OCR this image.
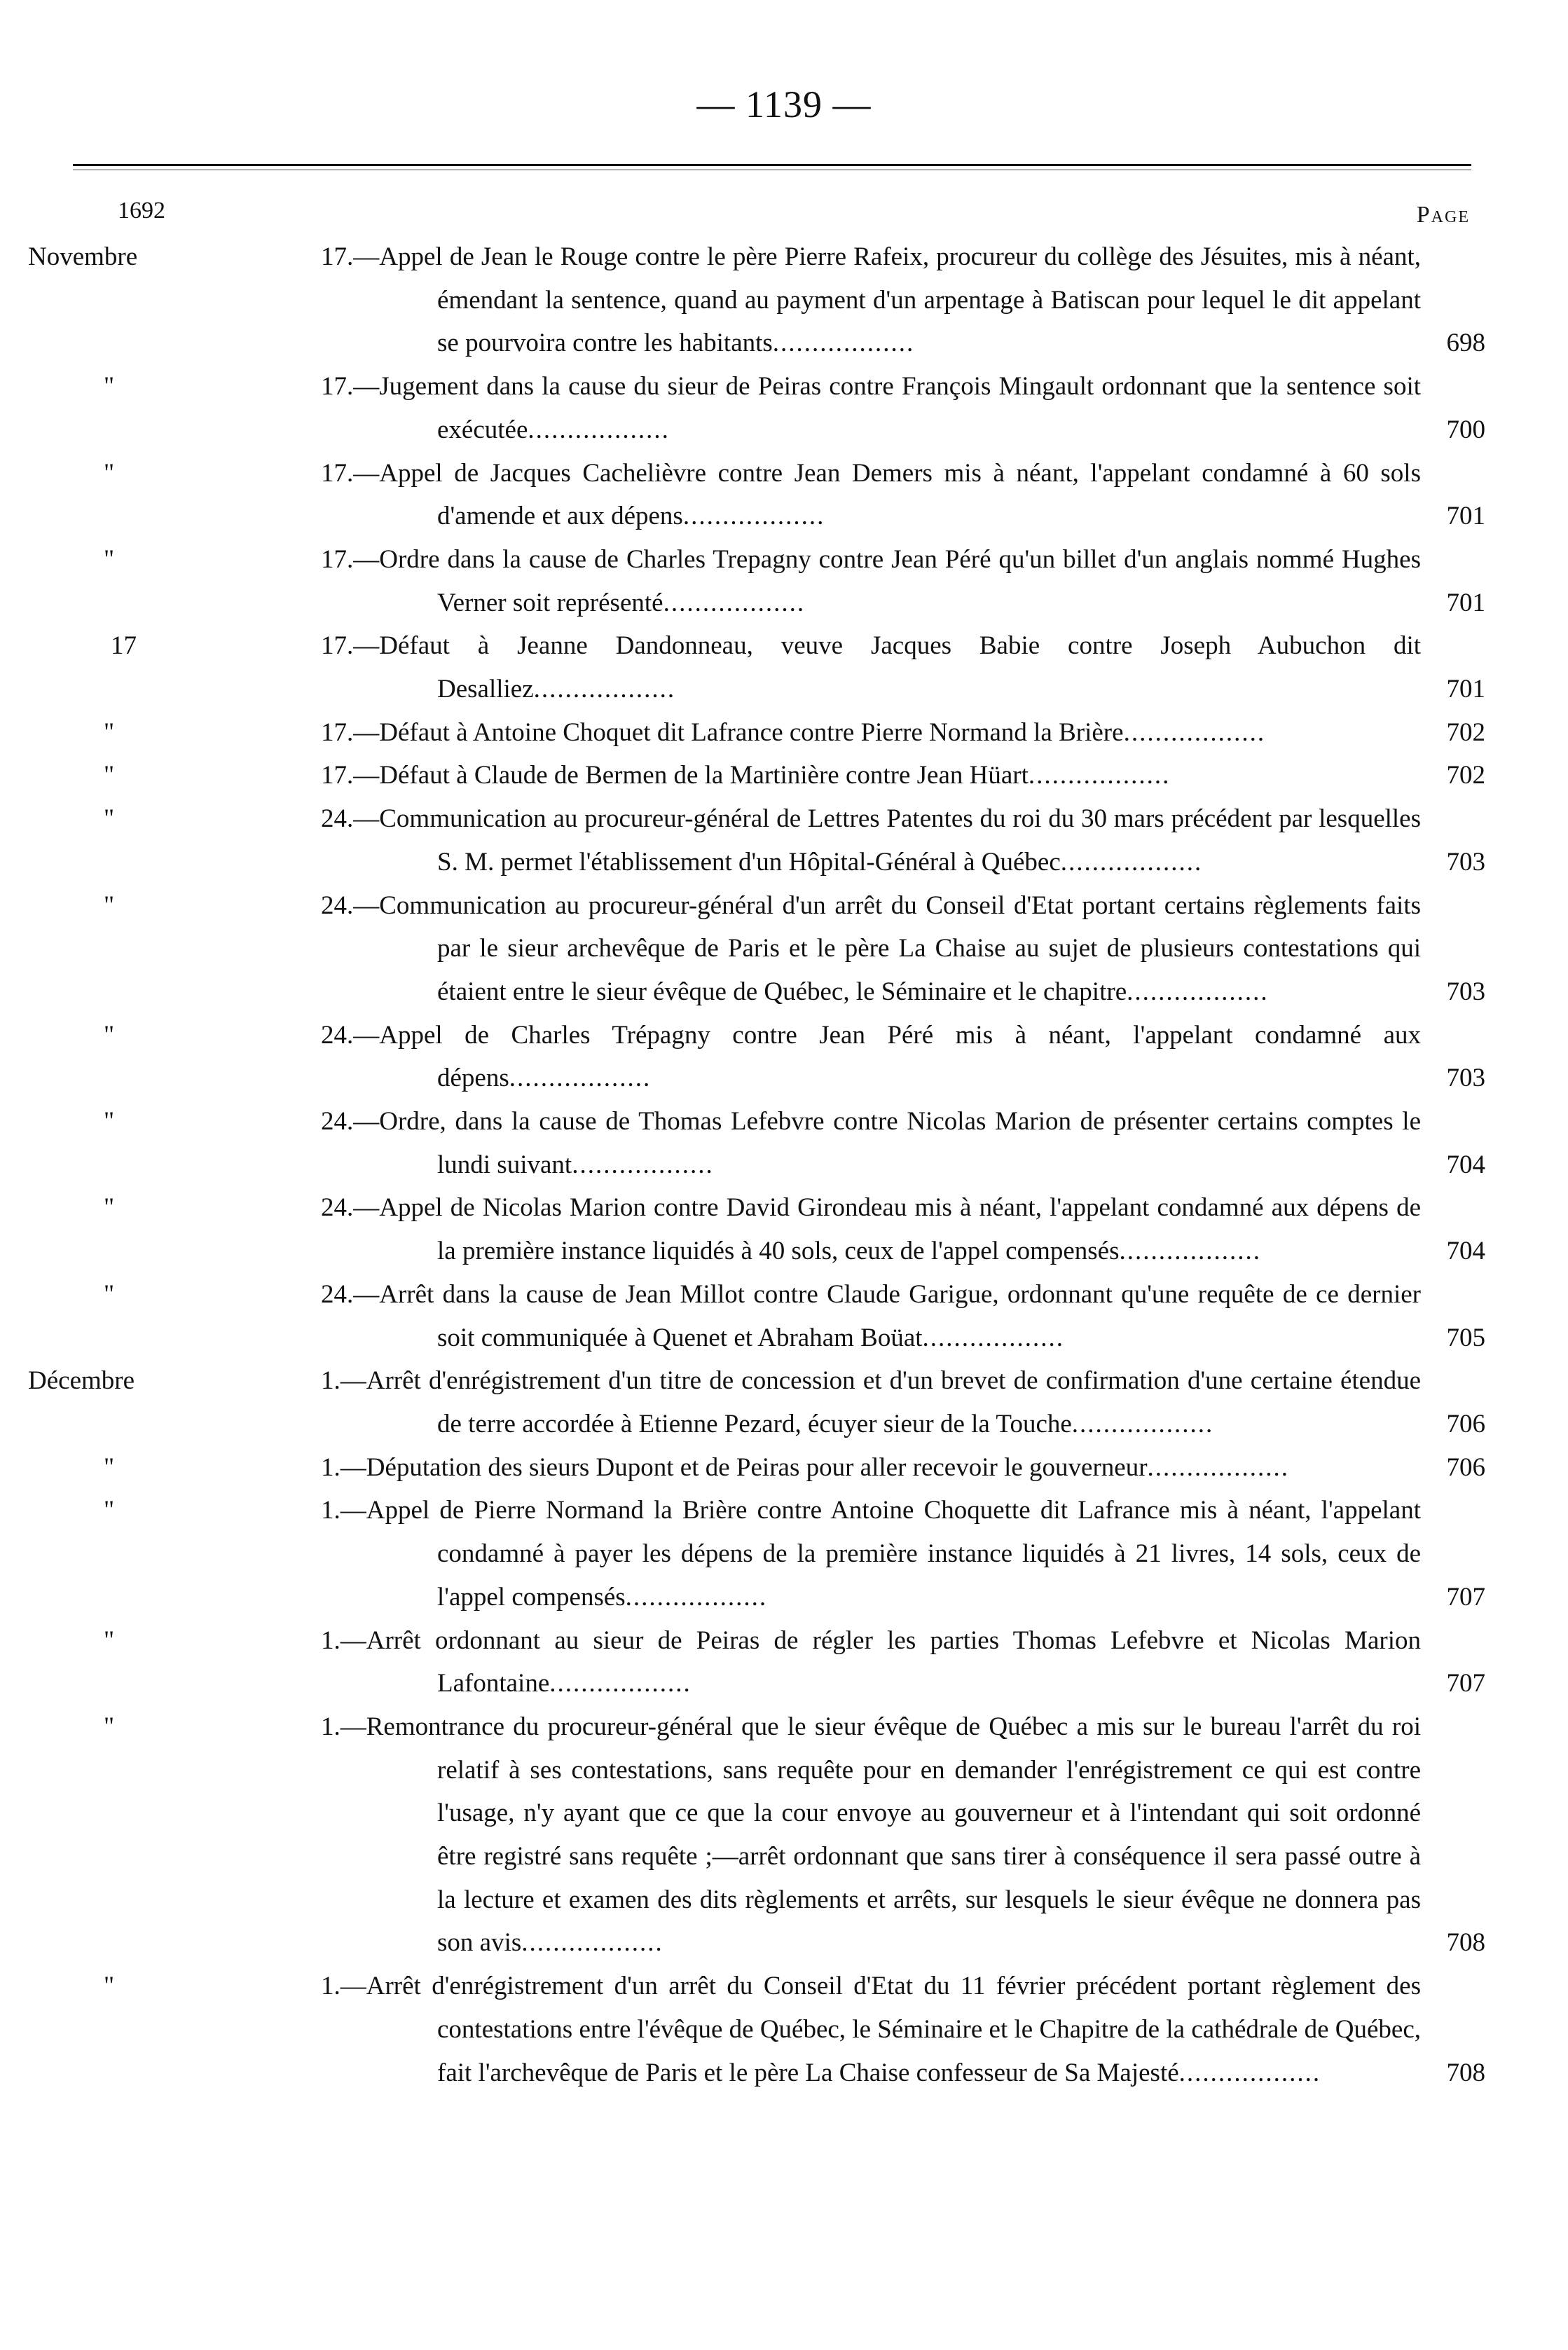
— 1139 —
1692	Page
Novembre	17.—Appel de Jean le Rouge contre le père Pierre Rafeix, procureur du collège des Jésuites, mis à néant, émendant la sentence, quand au payment d'un arpentage à Batiscan pour lequel le dit appelant se pourvoira contre les habitants..................	698
"	17.—Jugement dans la cause du sieur de Peiras contre François Mingault ordonnant que la sentence soit exécutée..................	700
"	17.—Appel de Jacques Cachelièvre contre Jean Demers mis à néant, l'appelant condamné à 60 sols d'amende et aux dépens..................	701
"	17.—Ordre dans la cause de Charles Trepagny contre Jean Péré qu'un billet d'un anglais nommé Hughes Verner soit représenté..................	701
17	17.—Défaut à Jeanne Dandonneau, veuve Jacques Babie contre Joseph Aubuchon dit Desalliez..................	701
"	17.—Défaut à Antoine Choquet dit Lafrance contre Pierre Normand la Brière..................	702
"	17.—Défaut à Claude de Bermen de la Martinière contre Jean Hüart..................	702
"	24.—Communication au procureur-général de Lettres Patentes du roi du 30 mars précédent par lesquelles S. M. permet l'établissement d'un Hôpital-Général à Québec..................	703
"	24.—Communication au procureur-général d'un arrêt du Conseil d'Etat portant certains règlements faits par le sieur archevêque de Paris et le père La Chaise au sujet de plusieurs contestations qui étaient entre le sieur évêque de Québec, le Séminaire et le chapitre..................	703
"	24.—Appel de Charles Trépagny contre Jean Péré mis à néant, l'appelant condamné aux dépens..................	703
"	24.—Ordre, dans la cause de Thomas Lefebvre contre Nicolas Marion de présenter certains comptes le lundi suivant..................	704
"	24.—Appel de Nicolas Marion contre David Girondeau mis à néant, l'appelant condamné aux dépens de la première instance liquidés à 40 sols, ceux de l'appel compensés..................	704
"	24.—Arrêt dans la cause de Jean Millot contre Claude Garigue, ordonnant qu'une requête de ce dernier soit communiquée à Quenet et Abraham Boüat..................	705
Décembre	1.—Arrêt d'enrégistrement d'un titre de concession et d'un brevet de confirmation d'une certaine étendue de terre accordée à Etienne Pezard, écuyer sieur de la Touche..................	706
"	1.—Députation des sieurs Dupont et de Peiras pour aller recevoir le gouverneur..................	706
"	1.—Appel de Pierre Normand la Brière contre Antoine Choquette dit Lafrance mis à néant, l'appelant condamné à payer les dépens de la première instance liquidés à 21 livres, 14 sols, ceux de l'appel compensés..................	707
"	1.—Arrêt ordonnant au sieur de Peiras de régler les parties Thomas Lefebvre et Nicolas Marion Lafontaine..................	707
"	1.—Remontrance du procureur-général que le sieur évêque de Québec a mis sur le bureau l'arrêt du roi relatif à ses contestations, sans requête pour en demander l'enrégistrement ce qui est contre l'usage, n'y ayant que ce que la cour envoye au gouverneur et à l'intendant qui soit ordonné être registré sans requête ;—arrêt ordonnant que sans tirer à conséquence il sera passé outre à la lecture et examen des dits règlements et arrêts, sur lesquels le sieur évêque ne donnera pas son avis..................	708
"	1.—Arrêt d'enrégistrement d'un arrêt du Conseil d'Etat du 11 février précédent portant règlement des contestations entre l'évêque de Québec, le Séminaire et le Chapitre de la cathédrale de Québec, fait l'archevêque de Paris et le père La Chaise confesseur de Sa Majesté..................	708
